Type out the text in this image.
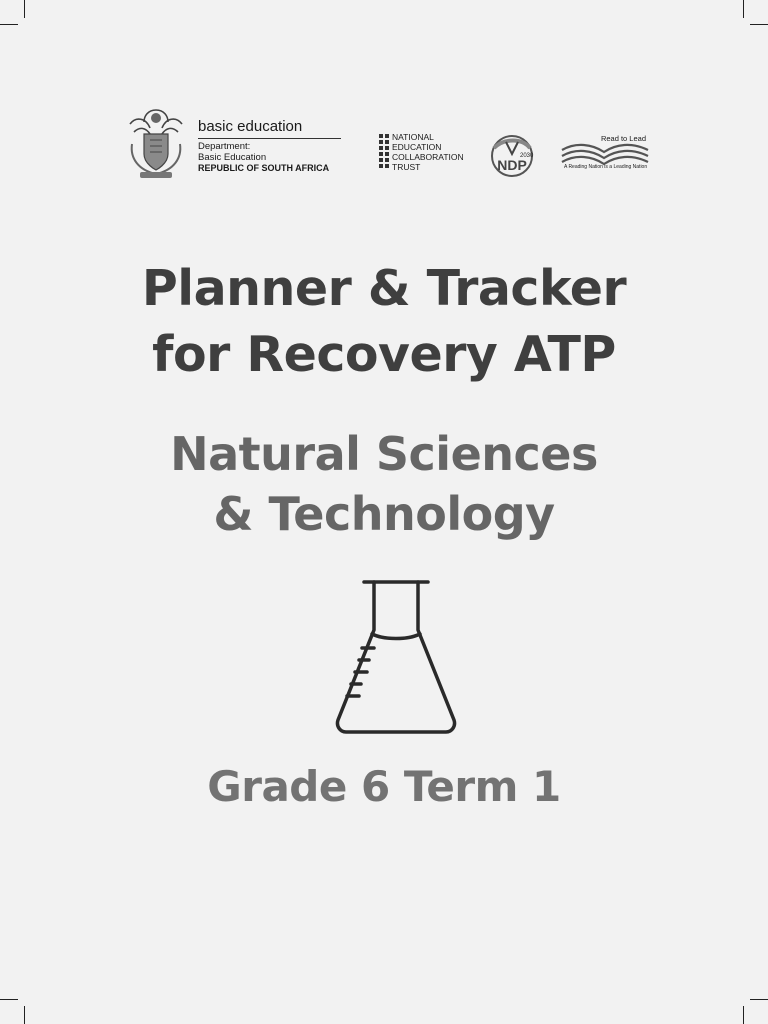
basic education
Department:
Basic Education
REPUBLIC OF SOUTH AFRICA
NATIONAL
EDUCATION
COLLABORATION
TRUST
2030
NDP
Read to Lead
A Reading Nation is a Leading Nation
Planner & Tracker
for Recovery ATP
Natural Sciences
& Technology
Grade 6 Term 1
